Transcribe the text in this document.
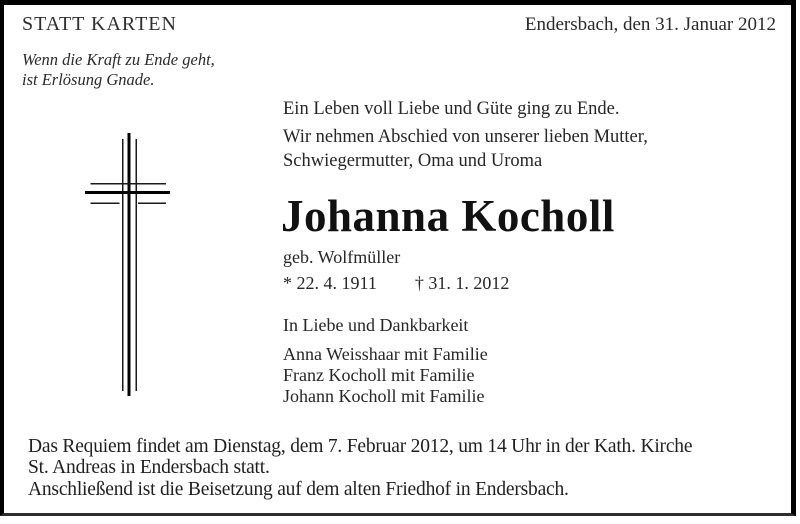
STATT KARTEN	Endersbach, den 31. Januar 2012
Wenn die Kraft zu Ende geht,
ist Erlösung Gnade.
Ein Leben voll Liebe und Güte ging zu Ende.
Wir nehmen Abschied von unserer lieben Mutter,
Schwiegermutter, Oma und Uroma
Johanna Kocholl
geb. Wolfmüller
* 22. 4. 1911 † 31. 1. 2012
In Liebe und Dankbarkeit
Anna Weisshaar mit Familie
Franz Kocholl mit Familie
Johann Kocholl mit Familie
Das Requiem findet am Dienstag, dem 7. Februar 2012, um 14 Uhr in der Kath. Kirche
St. Andreas in Endersbach statt.
Anschließend ist die Beisetzung auf dem alten Friedhof in Endersbach.
